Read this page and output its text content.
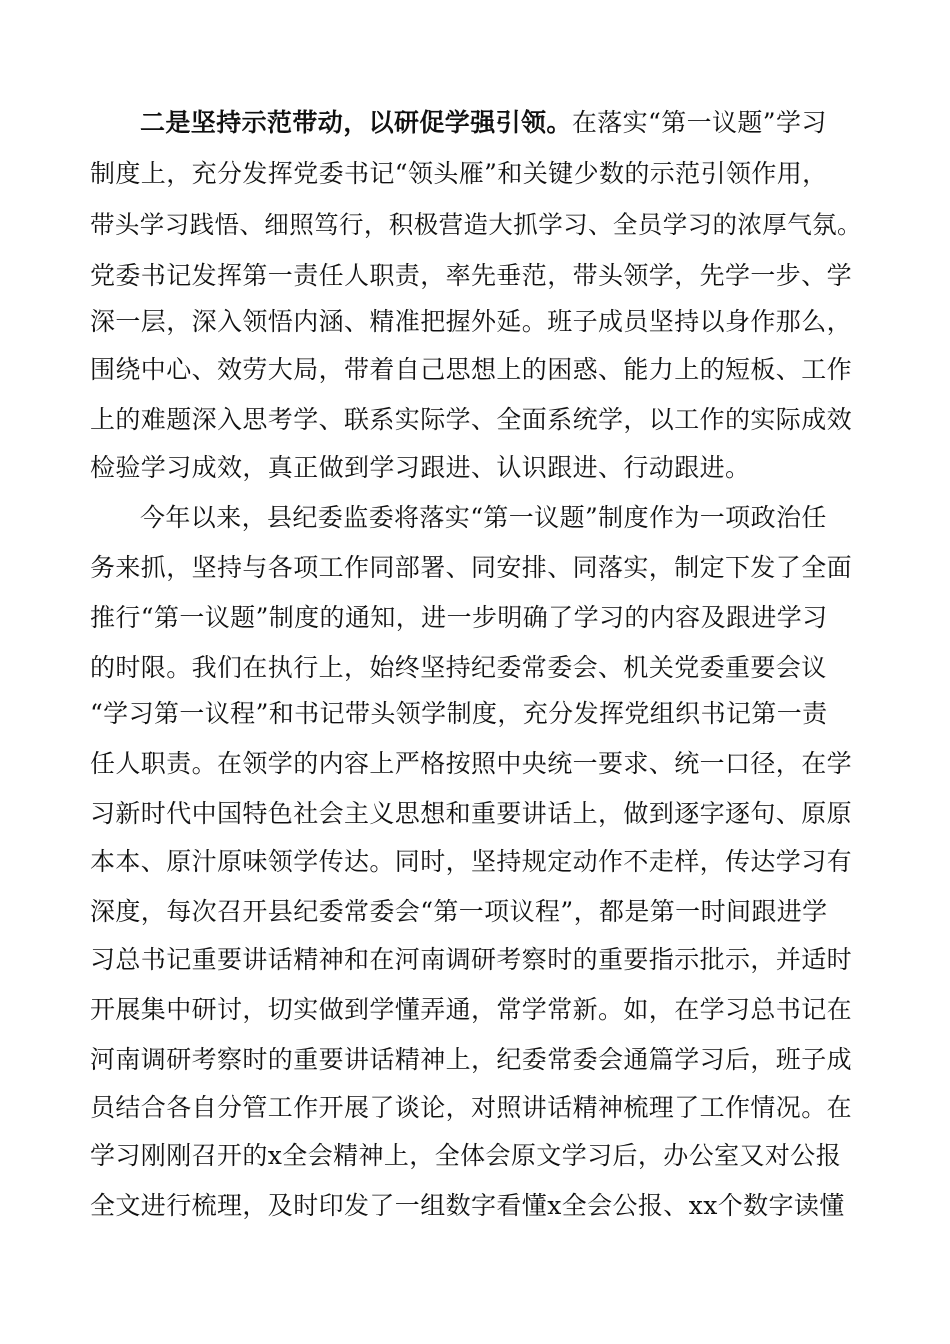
二是坚持示范带动，以研促学强引领。在落实“第一议题”学习
制度上，充分发挥党委书记“领头雁”和关键少数的示范引领作用，
带头学习践悟、细照笃行，积极营造大抓学习、全员学习的浓厚气氛。
党委书记发挥第一责任人职责，率先垂范，带头领学，先学一步、学
深一层，深入领悟内涵、精准把握外延。班子成员坚持以身作那么，
围绕中心、效劳大局，带着自己思想上的困惑、能力上的短板、工作
上的难题深入思考学、联系实际学、全面系统学，以工作的实际成效
检验学习成效，真正做到学习跟进、认识跟进、行动跟进。
今年以来，县纪委监委将落实“第一议题”制度作为一项政治任
务来抓，坚持与各项工作同部署、同安排、同落实，制定下发了全面
推行“第一议题”制度的通知，进一步明确了学习的内容及跟进学习
的时限。我们在执行上，始终坚持纪委常委会、机关党委重要会议
“学习第一议程”和书记带头领学制度，充分发挥党组织书记第一责
任人职责。在领学的内容上严格按照中央统一要求、统一口径，在学
习新时代中国特色社会主义思想和重要讲话上，做到逐字逐句、原原
本本、原汁原味领学传达。同时，坚持规定动作不走样，传达学习有
深度，每次召开县纪委常委会“第一项议程”，都是第一时间跟进学
习总书记重要讲话精神和在河南调研考察时的重要指示批示，并适时
开展集中研讨，切实做到学懂弄通，常学常新。如，在学习总书记在
河南调研考察时的重要讲话精神上，纪委常委会通篇学习后，班子成
员结合各自分管工作开展了谈论，对照讲话精神梳理了工作情况。在
学习刚刚召开的x全会精神上，全体会原文学习后，办公室又对公报
全文进行梳理，及时印发了一组数字看懂x全会公报、xx个数字读懂
